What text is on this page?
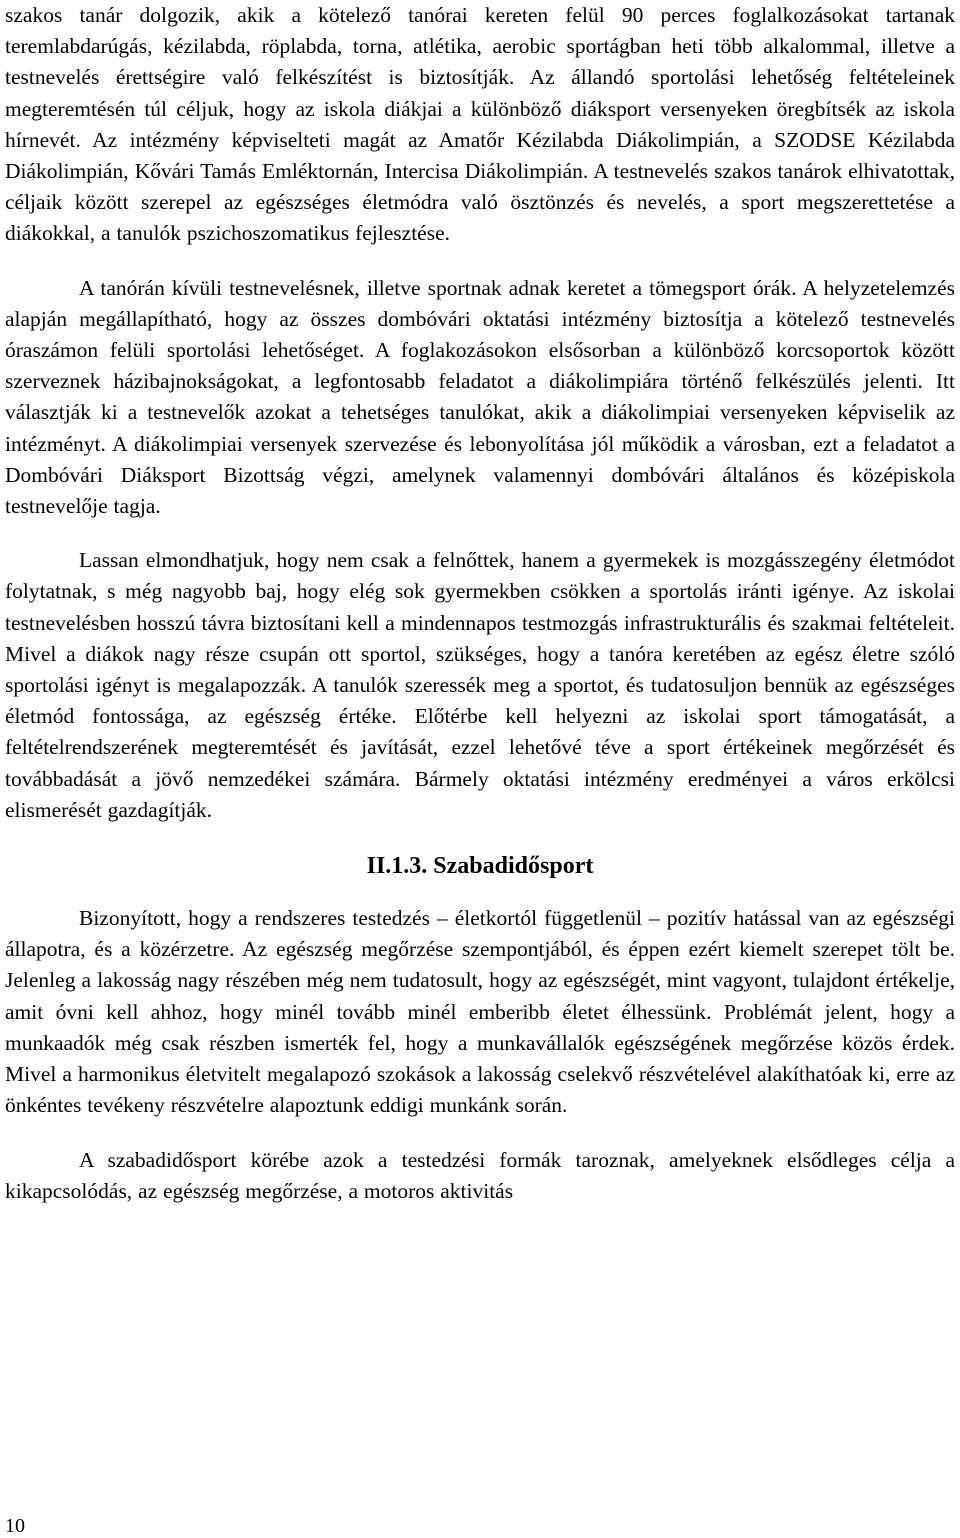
szakos tanár dolgozik, akik a kötelező tanórai kereten felül 90 perces foglalkozásokat tartanak teremlabdarúgás, kézilabda, röplabda, torna, atlétika, aerobic sportágban heti több alkalommal, illetve a testnevelés érettségire való felkészítést is biztosítják. Az állandó sportolási lehetőség feltételeinek megteremtésén túl céljuk, hogy az iskola diákjai a különböző diáksport versenyeken öregbítsék az iskola hírnevét. Az intézmény képviselteti magát az Amatőr Kézilabda Diákolimpián, a SZODSE Kézilabda Diákolimpián, Kővári Tamás Emléktornán, Intercisa Diákolimpián. A testnevelés szakos tanárok elhivatottak, céljaik között szerepel az egészséges életmódra való ösztönzés és nevelés, a sport megszerettetése a diákokkal, a tanulók pszichoszomatikus fejlesztése.

A tanórán kívüli testnevelésnek, illetve sportnak adnak keretet a tömegsport órák. A helyzetelemzés alapján megállapítható, hogy az összes dombóvári oktatási intézmény biztosítja a kötelező testnevelés óraszámon felüli sportolási lehetőséget. A foglakozásokon elsősorban a különböző korcsoportok között szerveznek házibajnokságokat, a legfontosabb feladatot a diákolimpiára történő felkészülés jelenti. Itt választják ki a testnevelők azokat a tehetséges tanulókat, akik a diákolimpiai versenyeken képviselik az intézményt. A diákolimpiai versenyek szervezése és lebonyolítása jól működik a városban, ezt a feladatot a Dombóvári Diáksport Bizottság végzi, amelynek valamennyi dombóvári általános és középiskola testnevelője tagja.

Lassan elmondhatjuk, hogy nem csak a felnőttek, hanem a gyermekek is mozgásszegény életmódot folytatnak, s még nagyobb baj, hogy elég sok gyermekben csökken a sportolás iránti igénye. Az iskolai testnevelésben hosszú távra biztosítani kell a mindennapos testmozgás infrastrukturális és szakmai feltételeit. Mivel a diákok nagy része csupán ott sportol, szükséges, hogy a tanóra keretében az egész életre szóló sportolási igényt is megalapozzák. A tanulók szeressék meg a sportot, és tudatosuljon bennük az egészséges életmód fontossága, az egészség értéke. Előtérbe kell helyezni az iskolai sport támogatását, a feltételrendszerének megteremtését és javítását, ezzel lehetővé téve a sport értékeinek megőrzését és továbbadását a jövő nemzedékei számára. Bármely oktatási intézmény eredményei a város erkölcsi elismerését gazdagítják.

II.1.3. Szabadidősport

Bizonyított, hogy a rendszeres testedzés – életkortól függetlenül – pozitív hatással van az egészségi állapotra, és a közérzetre. Az egészség megőrzése szempontjából, és éppen ezért kiemelt szerepet tölt be. Jelenleg a lakosság nagy részében még nem tudatosult, hogy az egészségét, mint vagyont, tulajdont értékelje, amit óvni kell ahhoz, hogy minél tovább minél emberibb életet élhessünk. Problémát jelent, hogy a munkaadók még csak részben ismerték fel, hogy a munkavállalók egészségének megőrzése közös érdek. Mivel a harmonikus életvitelt megalapozó szokások a lakosság cselekvő részvételével alakíthatóak ki, erre az önkéntes tevékeny részvételre alapoztunk eddigi munkánk során.

A szabadidősport körébe azok a testedzési formák taroznak, amelyeknek elsődleges célja a kikapcsolódás, az egészség megőrzése, a motoros aktivitás

10
